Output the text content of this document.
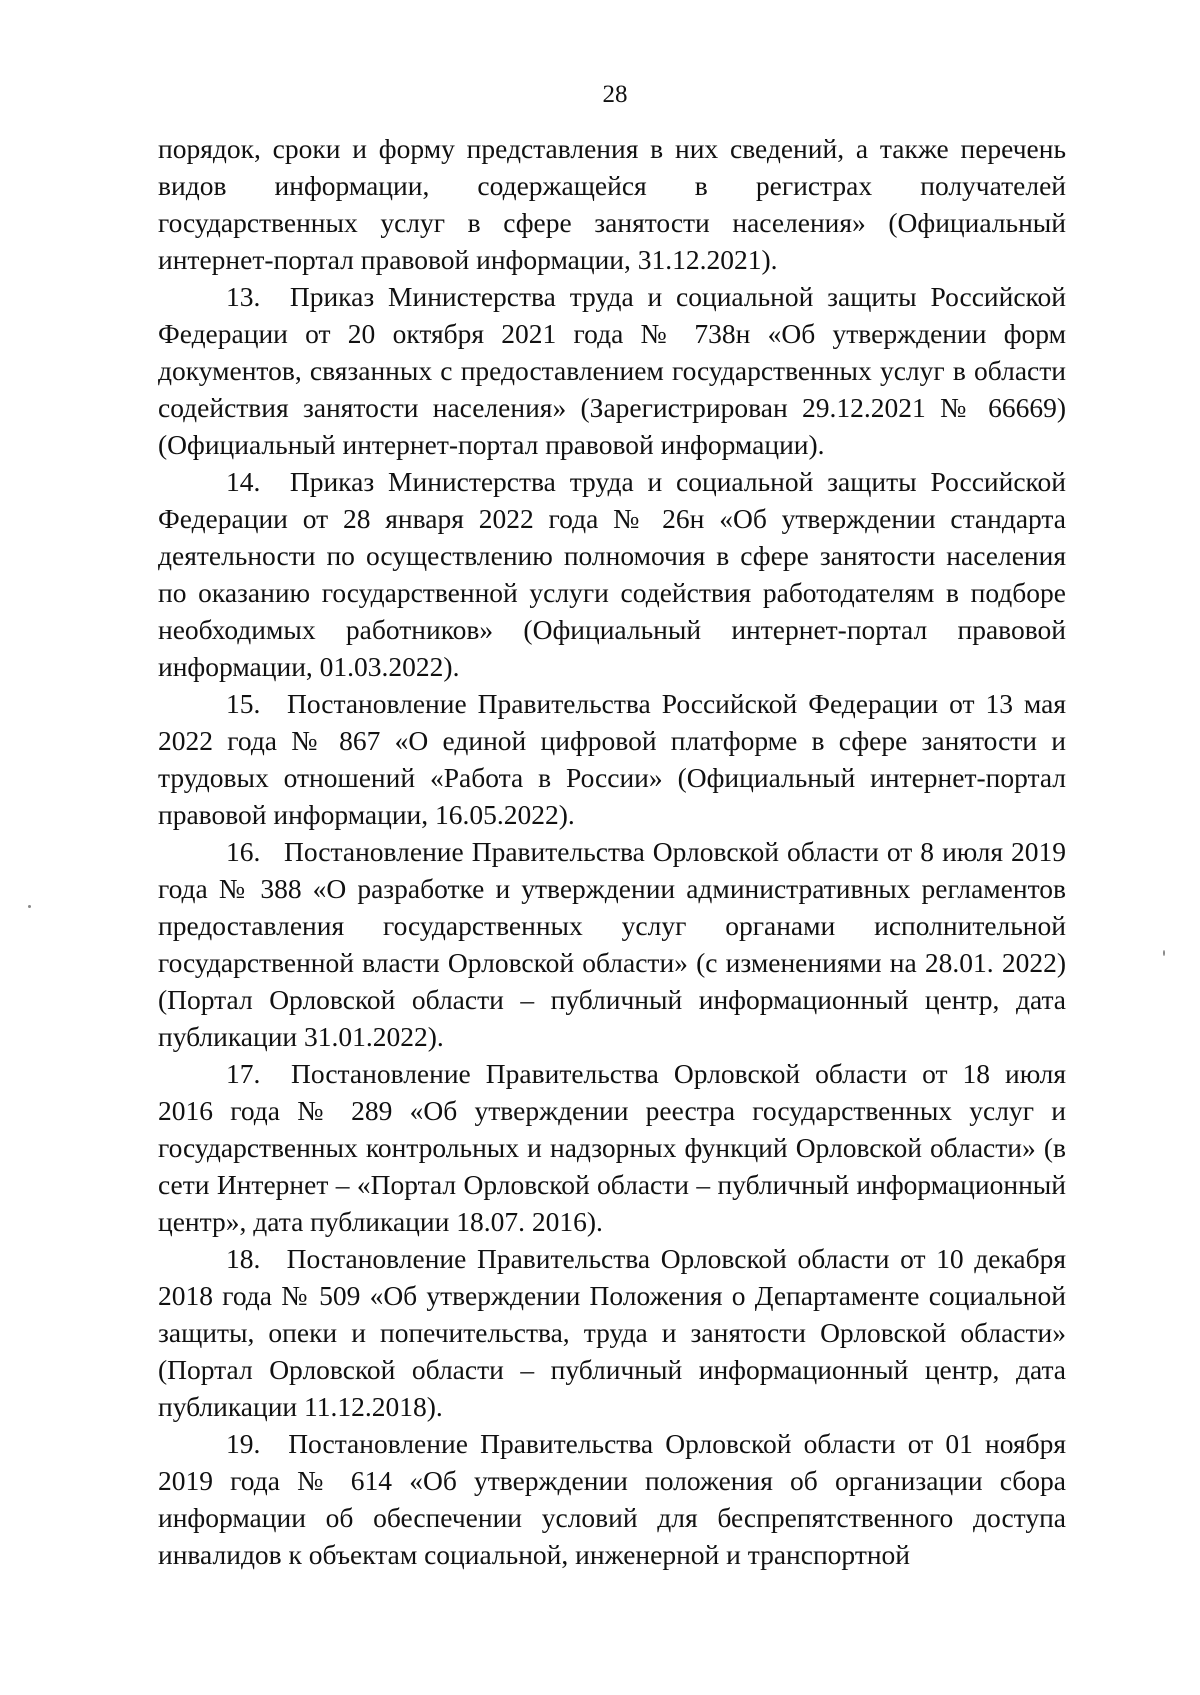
28

порядок, сроки и форму представления в них сведений, а также перечень видов информации, содержащейся в регистрах получателей государственных услуг в сфере занятости населения» (Официальный интернет-портал правовой информации, 31.12.2021).

13. Приказ Министерства труда и социальной защиты Российской Федерации от 20 октября 2021 года № 738н «Об утверждении форм документов, связанных с предоставлением государственных услуг в области содействия занятости населения» (Зарегистрирован 29.12.2021 № 66669) (Официальный интернет-портал правовой информации).

14. Приказ Министерства труда и социальной защиты Российской Федерации от 28 января 2022 года № 26н «Об утверждении стандарта деятельности по осуществлению полномочия в сфере занятости населения по оказанию государственной услуги содействия работодателям в подборе необходимых работников» (Официальный интернет-портал правовой информации, 01.03.2022).

15. Постановление Правительства Российской Федерации от 13 мая 2022 года № 867 «О единой цифровой платформе в сфере занятости и трудовых отношений «Работа в России» (Официальный интернет-портал правовой информации, 16.05.2022).

16. Постановление Правительства Орловской области от 8 июля 2019 года № 388 «О разработке и утверждении административных регламентов предоставления государственных услуг органами исполнительной государственной власти Орловской области» (с изменениями на 28.01. 2022) (Портал Орловской области – публичный информационный центр, дата публикации 31.01.2022).

17. Постановление Правительства Орловской области от 18 июля 2016 года № 289 «Об утверждении реестра государственных услуг и государственных контрольных и надзорных функций Орловской области» (в сети Интернет – «Портал Орловской области – публичный информационный центр», дата публикации 18.07. 2016).

18. Постановление Правительства Орловской области от 10 декабря 2018 года № 509 «Об утверждении Положения о Департаменте социальной защиты, опеки и попечительства, труда и занятости Орловской области» (Портал Орловской области – публичный информационный центр, дата публикации 11.12.2018).

19. Постановление Правительства Орловской области от 01 ноября 2019 года № 614 «Об утверждении положения об организации сбора информации об обеспечении условий для беспрепятственного доступа инвалидов к объектам социальной, инженерной и транспортной
